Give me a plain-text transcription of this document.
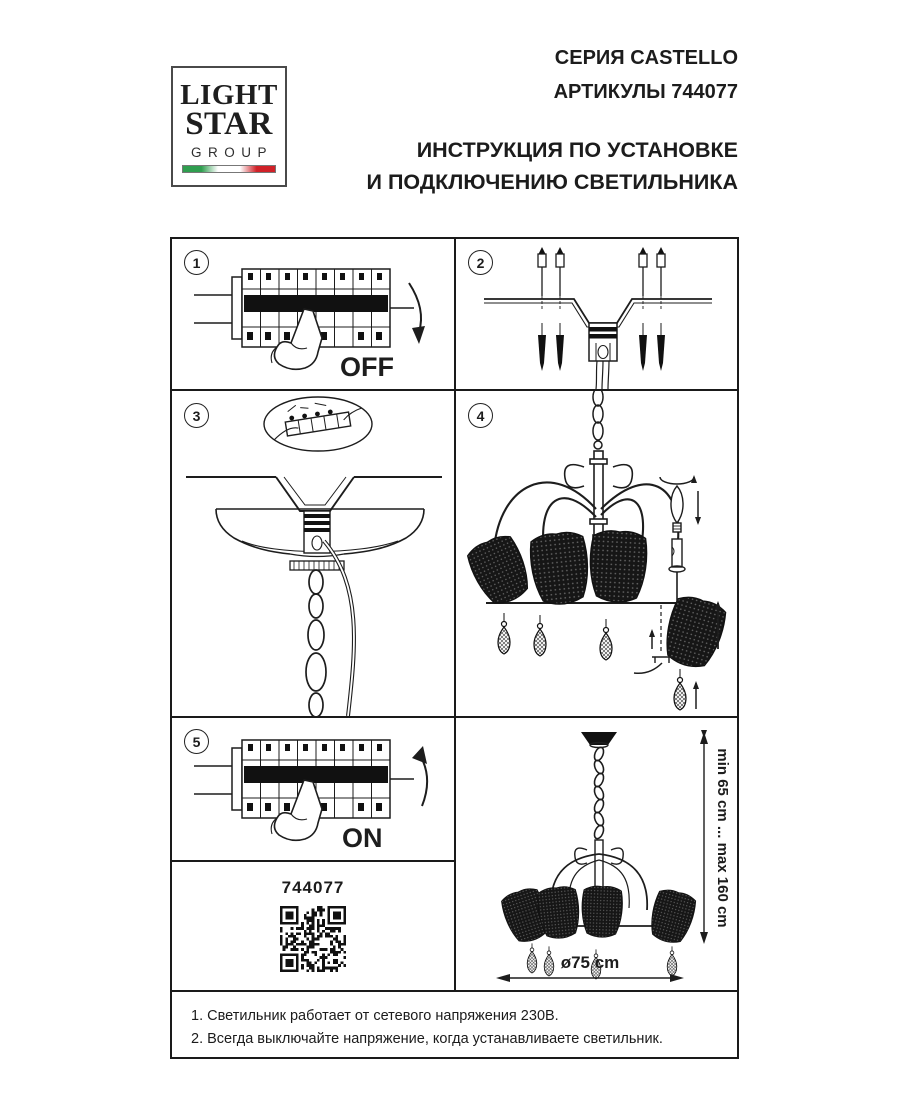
LIGHT
STAR
GROUP
СЕРИЯ CASTELLO
АРТИКУЛЫ 744077
ИНСТРУКЦИЯ ПО УСТАНОВКЕ
И ПОДКЛЮЧЕНИЮ СВЕТИЛЬНИКА
1	2
3	4
5
OFF
ON
744077	min 65 cm ... max 160 cm
ø75 cm
1. Светильник работает от сетевого напряжения 230В.
2. Всегда выключайте напряжение, когда устанавливаете светильник.
